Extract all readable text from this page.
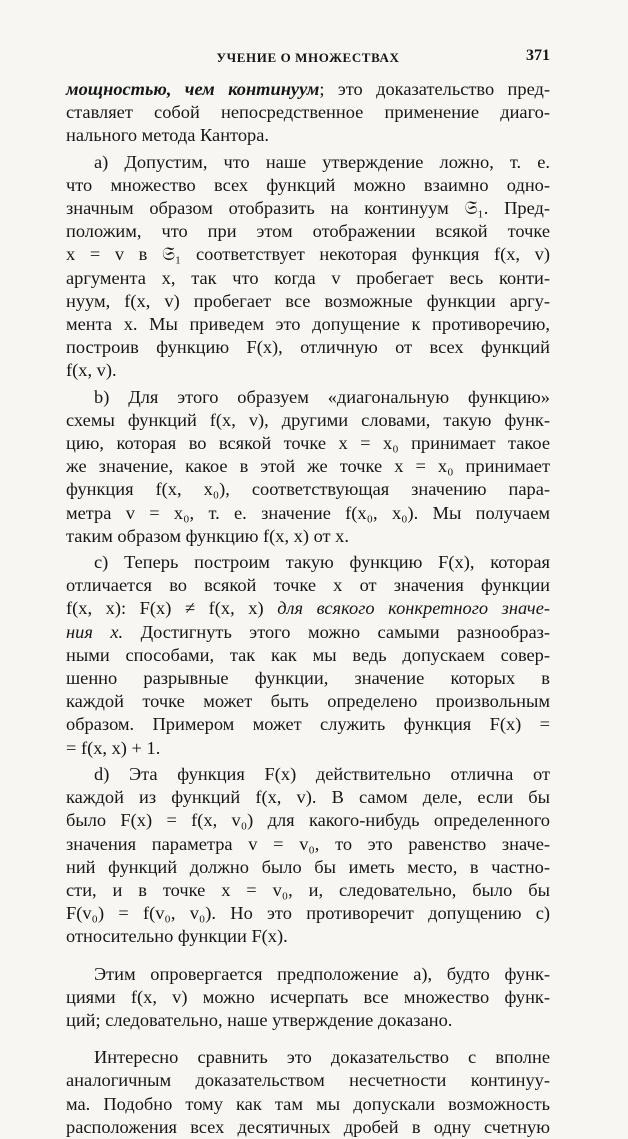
УЧЕНИЕ О МНОЖЕСТВАХ	371

мощностью, чем континуум; это доказательство пред-
ставляет собой непосредственное применение диаго-
нального метода Кантора.

а) Допустим, что наше утверждение ложно, т. е.
что множество всех функций можно взаимно одно-
значным образом отобразить на континуум 𝔖₁. Пред-
положим, что при этом отображении всякой точке
x = v в 𝔖₁ соответствует некоторая функция f(x, v)
аргумента x, так что когда v пробегает весь конти-
нуум, f(x, v) пробегает все возможные функции аргу-
мента x. Мы приведем это допущение к противоречию,
построив функцию F(x), отличную от всех функций
f(x, v).

b) Для этого образуем «диагональную функцию»
схемы функций f(x, v), другими словами, такую функ-
цию, которая во всякой точке x = x₀ принимает такое
же значение, какое в этой же точке x = x₀ принимает
функция f(x, x₀), соответствующая значению пара-
метра v = x₀, т. е. значение f(x₀, x₀). Мы получаем
таким образом функцию f(x, x) от x.

c) Теперь построим такую функцию F(x), которая
отличается во всякой точке x от значения функции
f(x, x): F(x) ≠ f(x, x) для всякого конкретного значе-
ния x. Достигнуть этого можно самыми разнообраз-
ными способами, так как мы ведь допускаем совер-
шенно разрывные функции, значение которых в
каждой точке может быть определено произвольным
образом. Примером может служить функция F(x) =
= f(x, x) + 1.

d) Эта функция F(x) действительно отлична от
каждой из функций f(x, v). В самом деле, если бы
было F(x) = f(x, v₀) для какого-нибудь определенного
значения параметра v = v₀, то это равенство значе-
ний функций должно было бы иметь место, в частно-
сти, и в точке x = v₀, и, следовательно, было бы
F(v₀) = f(v₀, v₀). Но это противоречит допущению c)
относительно функции F(x).

Этим опровергается предположение а), будто функ-
циями f(x, v) можно исчерпать все множество функ-
ций; следовательно, наше утверждение доказано.

Интересно сравнить это доказательство с вполне
аналогичным доказательством несчетности континуу-
ма. Подобно тому как там мы допускали возможность
расположения всех десятичных дробей в одну счетную
